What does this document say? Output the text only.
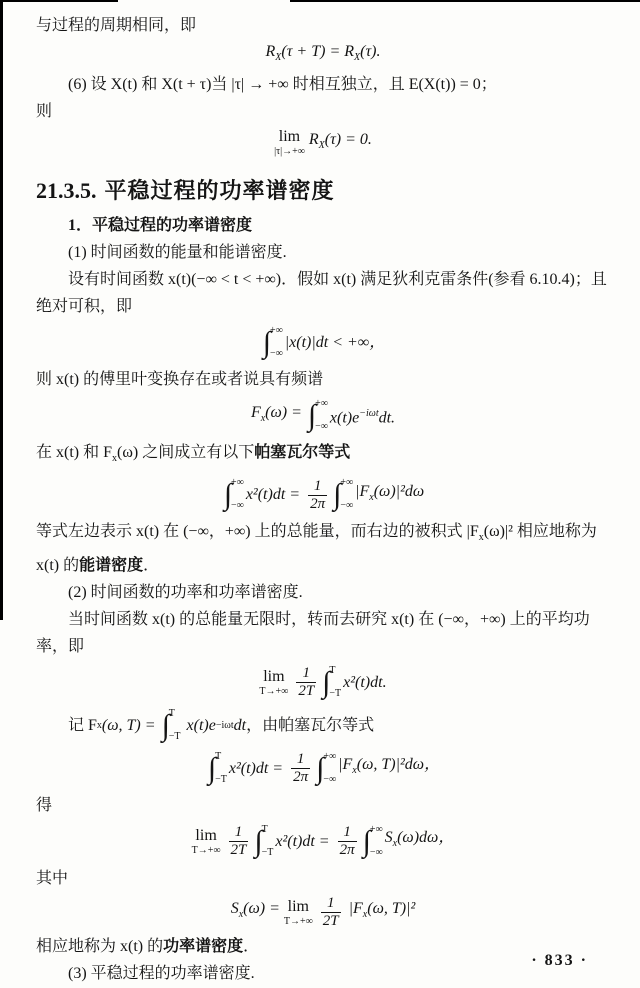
与过程的周期相同，即

$R_X(\tau + T) = R_X(\tau)$.

(6) 设 X(t) 和 X(t + τ)当 |τ| → +∞ 时相互独立，且 E(X(t)) = 0；

则

lim
|τ|→+∞
$R_X(\tau) = 0$.
21.3.5. 平稳过程的功率谱密度

1．平稳过程的功率谱密度

(1) 时间函数的能量和能谱密度.

设有时间函数 x(t)(−∞ < t < +∞)．假如 x(t) 满足狄利克雷条件(参看 6.10.4)；且绝对可积，即

∫ +∞
−∞
|x(t)|dt < +∞，

则 x(t) 的傅里叶变换存在或者说具有频谱

$F_x(\omega)$ = ∫ +∞
−∞
$x(t)e^{-i\omega t}dt$.

在 x(t) 和 $F_x(\omega)$ 之间成立有以下帕塞瓦尔等式

∫ +∞
−∞
$x^2(t)dt = \frac{1}{2\pi}$ ∫ +∞
−∞
$|F_x(\omega)|^2d\omega$

等式左边表示 x(t) 在 (−∞，+∞) 上的总能量，而右边的被积式 $|F_x(\omega)|^2$ 相应地称为 x(t) 的能谱密度．

(2) 时间函数的功率和功率谱密度.

当时间函数 x(t) 的总能量无限时，转而去研究 x(t) 在 (−∞，+∞) 上的平均功率，即

lim
$T\to+\infty \frac{1}{2T}$ ∫ T
−T
x²(t)dt.
记 F x (ω, T) = ∫ T
−T
x(t)e −iωt dt ，由帕塞瓦尔等式
∫ T
−T
$x^2(t)dt = \frac{1}{2\pi}$ ∫ +∞
−∞
$|F_x(\omega$, T)|²dω，

得

lim
$T\to+\infty \frac{1}{2T}$ ∫ T
−T
$x^2(t)dt = \frac{1}{2\pi}$ ∫ +∞
−∞
$S_x(\omega)d\omega$，

其中

$S_x(\omega) = \lim$
$T\to+\infty \frac{1}{2T} |F_x(\omega$, T)|²

相应地称为 x(t) 的功率谱密度．

(3) 平稳过程的功率谱密度.

· 833 ·
